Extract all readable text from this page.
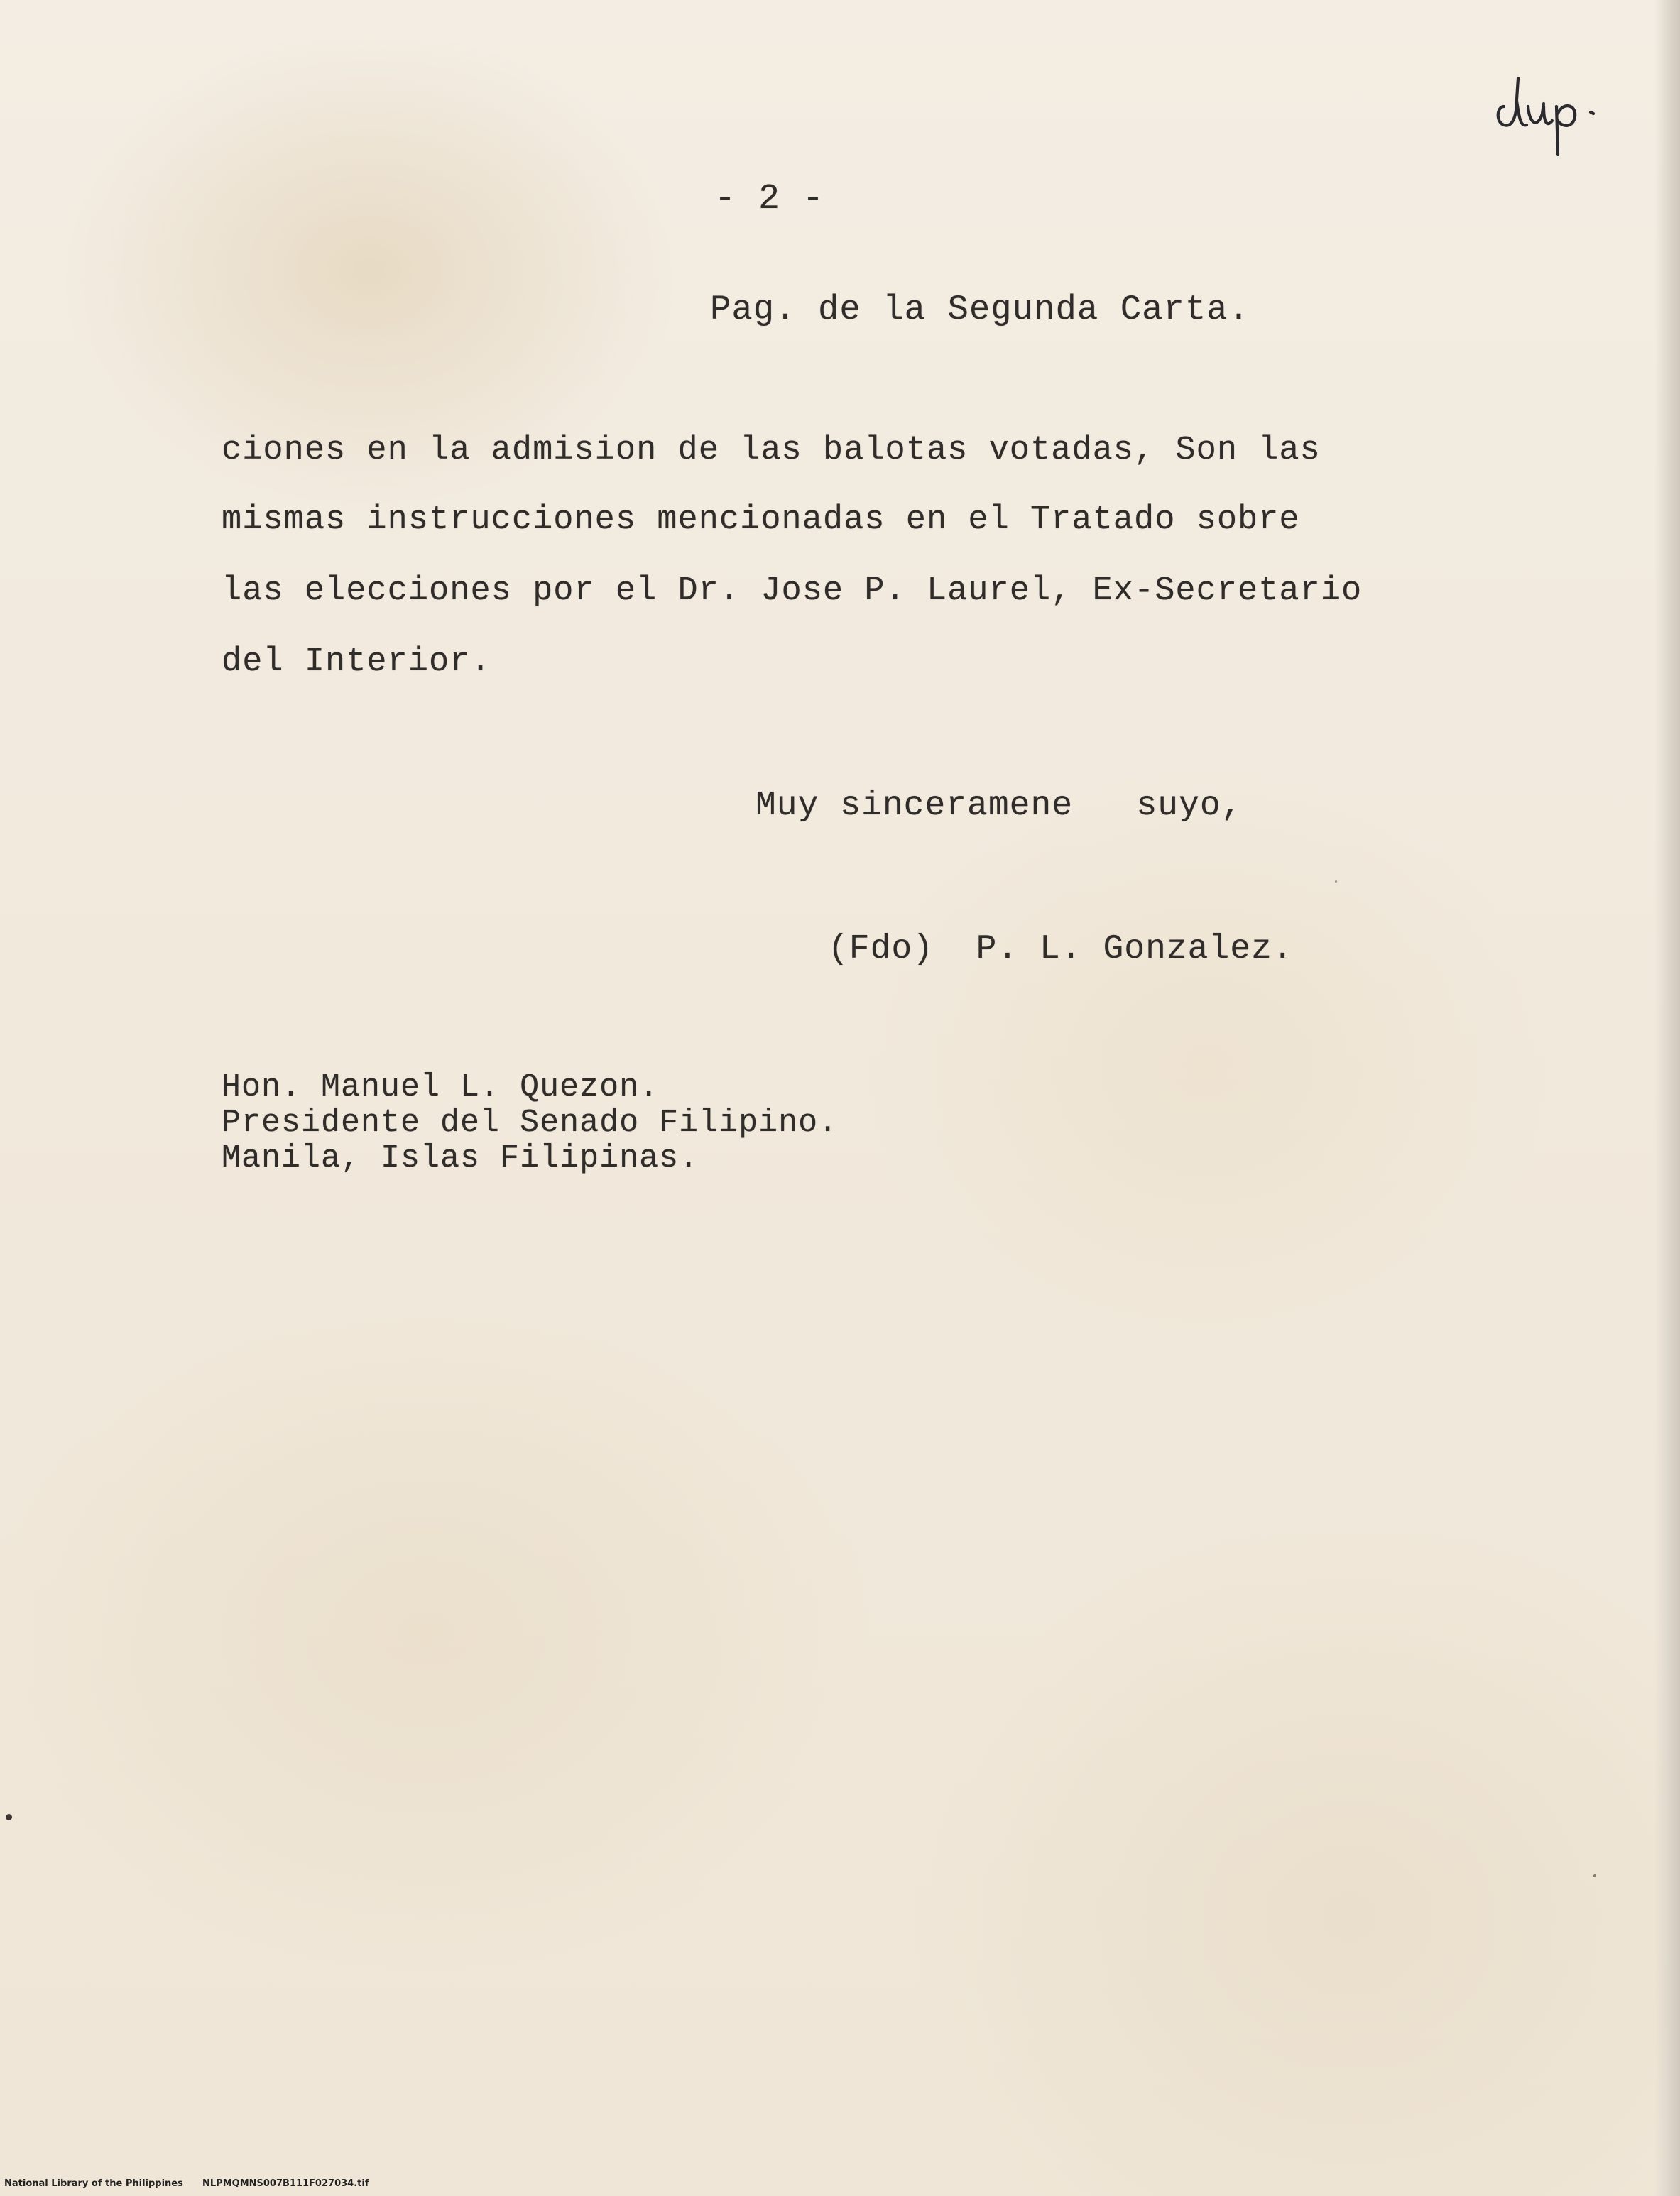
- 2 -
Pag. de la Segunda Carta.
ciones en la admision de las balotas votadas, Son las
mismas instrucciones mencionadas en el Tratado sobre
las elecciones por el Dr. Jose P. Laurel, Ex-Secretario
del Interior.
Muy sinceramene   suyo,
(Fdo)  P. L. Gonzalez.
Hon. Manuel L. Quezon.
Presidente del Senado Filipino.
Manila, Islas Filipinas.
National Library of the Philippines NLPMQMNS007B111F027034.tif
